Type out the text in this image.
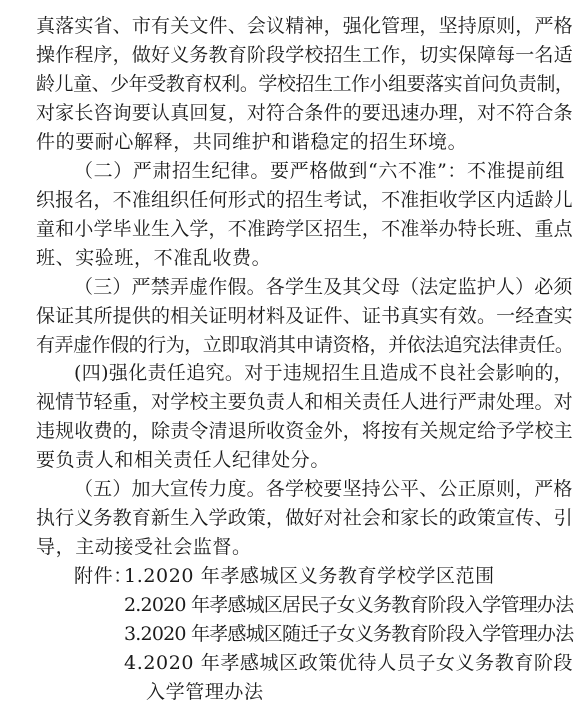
真落实省、市有关文件、会议精神，强化管理，坚持原则，严格
操作程序，做好义务教育阶段学校招生工作，切实保障每一名适
龄儿童、少年受教育权利。学校招生工作小组要落实首问负责制，
对家长咨询要认真回复，对符合条件的要迅速办理，对不符合条
件的要耐心解释，共同维护和谐稳定的招生环境。
（二）严肃招生纪律。要严格做到“六不准”：不准提前组
织报名，不准组织任何形式的招生考试，不准拒收学区内适龄儿
童和小学毕业生入学，不准跨学区招生，不准举办特长班、重点
班、实验班，不准乱收费。
（三）严禁弄虚作假。各学生及其父母（法定监护人）必须
保证其所提供的相关证明材料及证件、证书真实有效。一经查实
有弄虚作假的行为，立即取消其申请资格，并依法追究法律责任。
(四)强化责任追究。对于违规招生且造成不良社会影响的，
视情节轻重，对学校主要负责人和相关责任人进行严肃处理。对
违规收费的，除责令清退所收资金外，将按有关规定给予学校主
要负责人和相关责任人纪律处分。
（五）加大宣传力度。各学校要坚持公平、公正原则，严格
执行义务教育新生入学政策，做好对社会和家长的政策宣传、引
导，主动接受社会监督。
附件：
1.2020 年孝感城区义务教育学校学区范围
2.2020 年孝感城区居民子女义务教育阶段入学管理办法
3.2020 年孝感城区随迁子女义务教育阶段入学管理办法
4.2020 年孝感城区政策优待人员子女义务教育阶段
入学管理办法
